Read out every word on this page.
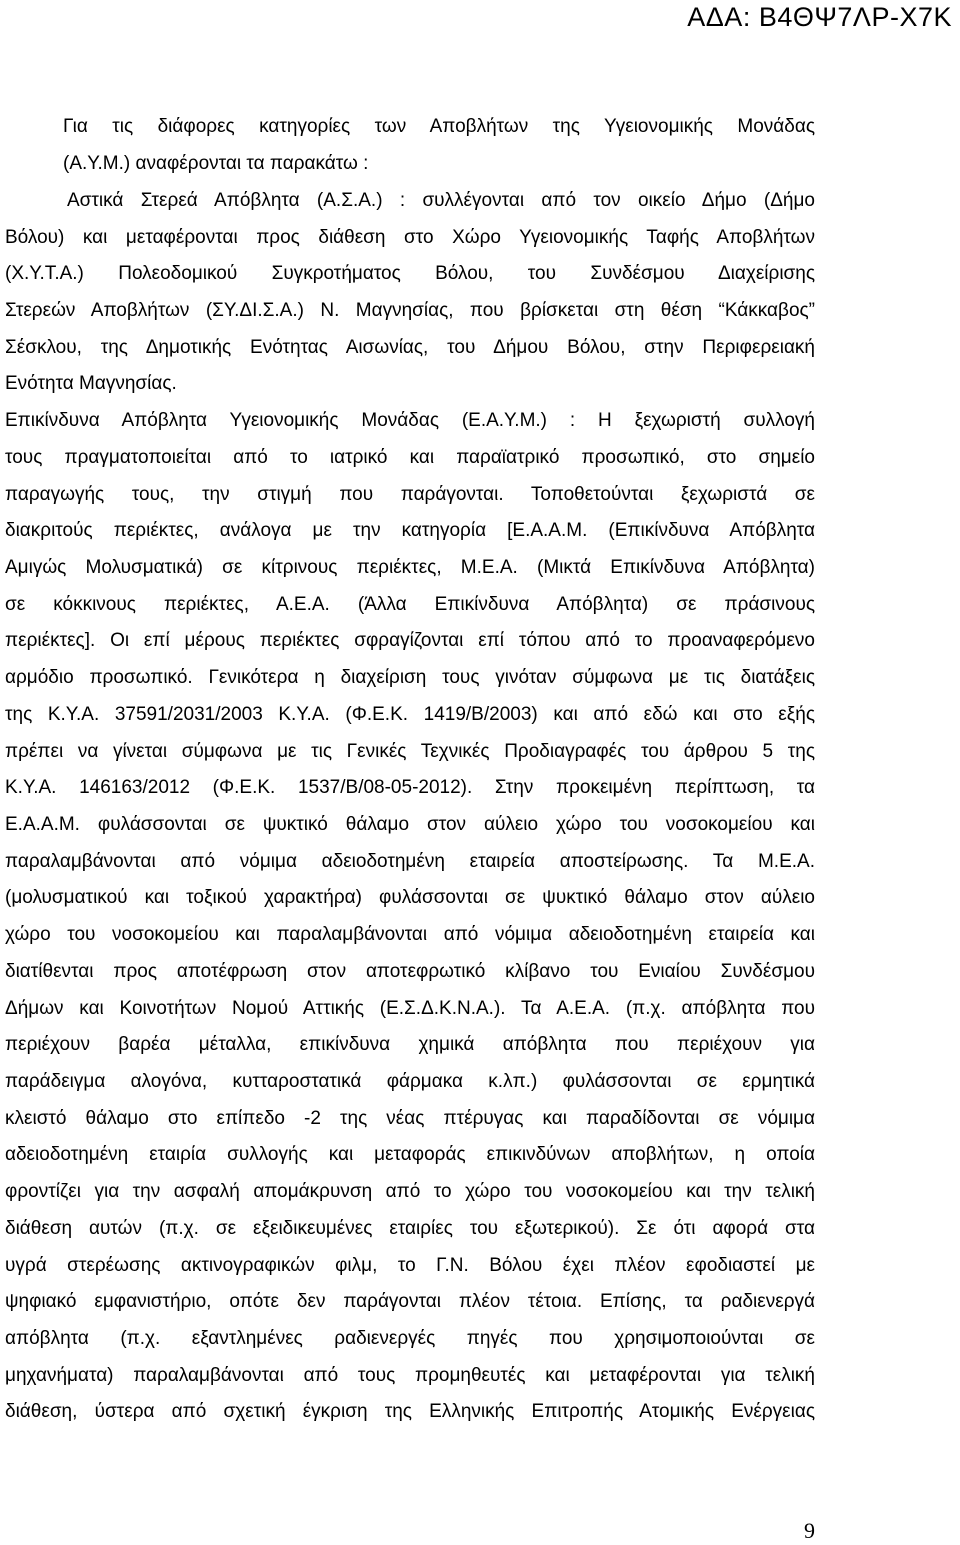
ΑΔΑ: Β4ΘΨ7ΛΡ-Χ7Κ

Για τις διάφορες κατηγορίες των Αποβλήτων της Υγειονομικής Μονάδας

(Α.Υ.Μ.) αναφέρονται τα παρακάτω :

Αστικά Στερεά Απόβλητα (Α.Σ.Α.) : συλλέγονται από τον οικείο Δήμο (Δήμο

Βόλου) και μεταφέρονται προς διάθεση στο Χώρο Υγειονομικής Ταφής Αποβλήτων

(Χ.Υ.Τ.Α.) Πολεοδομικού Συγκροτήματος Βόλου, του Συνδέσμου Διαχείρισης

Στερεών Αποβλήτων (ΣΥ.ΔΙ.Σ.Α.) Ν. Μαγνησίας, που βρίσκεται στη θέση “Κάκκαβος”

Σέσκλου, της Δημοτικής Ενότητας Αισωνίας, του Δήμου Βόλου, στην Περιφερειακή

Ενότητα Μαγνησίας.

Επικίνδυνα Απόβλητα Υγειονομικής Μονάδας (Ε.Α.Υ.Μ.) : Η ξεχωριστή συλλογή

τους πραγματοποιείται από το ιατρικό και παραϊατρικό προσωπικό, στο σημείο

παραγωγής τους, την στιγμή που παράγονται. Τοποθετούνται ξεχωριστά σε

διακριτούς περιέκτες, ανάλογα με την κατηγορία [Ε.Α.Α.Μ. (Επικίνδυνα Απόβλητα

Αμιγώς Μολυσματικά) σε κίτρινους περιέκτες, Μ.Ε.Α. (Μικτά Επικίνδυνα Απόβλητα)

σε κόκκινους περιέκτες, Α.Ε.Α. (Άλλα Επικίνδυνα Απόβλητα) σε πράσινους

περιέκτες]. Οι επί μέρους περιέκτες σφραγίζονται επί τόπου από το προαναφερόμενο

αρμόδιο προσωπικό. Γενικότερα η διαχείριση τους γινόταν σύμφωνα με τις διατάξεις

της Κ.Υ.Α. 37591/2031/2003 Κ.Υ.Α. (Φ.Ε.Κ. 1419/Β/2003) και από εδώ και στο εξής

πρέπει να γίνεται σύμφωνα με τις Γενικές Τεχνικές Προδιαγραφές του άρθρου 5 της

Κ.Υ.Α. 146163/2012 (Φ.Ε.Κ. 1537/Β/08-05-2012). Στην προκειμένη περίπτωση, τα

Ε.Α.Α.Μ. φυλάσσονται σε ψυκτικό θάλαμο στον αύλειο χώρο του νοσοκομείου και

παραλαμβάνονται από νόμιμα αδειοδοτημένη εταιρεία αποστείρωσης. Τα Μ.Ε.Α.

(μολυσματικού και τοξικού χαρακτήρα) φυλάσσονται σε ψυκτικό θάλαμο στον αύλειο

χώρο του νοσοκομείου και παραλαμβάνονται από νόμιμα αδειοδοτημένη εταιρεία και

διατίθενται προς αποτέφρωση στον αποτεφρωτικό κλίβανο του Ενιαίου Συνδέσμου

Δήμων και Κοινοτήτων Νομού Αττικής (Ε.Σ.Δ.Κ.Ν.Α.). Τα Α.Ε.Α. (π.χ. απόβλητα που

περιέχουν βαρέα μέταλλα, επικίνδυνα χημικά απόβλητα που περιέχουν για

παράδειγμα αλογόνα, κυτταροστατικά φάρμακα κ.λπ.) φυλάσσονται σε ερμητικά

κλειστό θάλαμο στο επίπεδο -2 της νέας πτέρυγας και παραδίδονται σε νόμιμα

αδειοδοτημένη εταιρία συλλογής και μεταφοράς επικινδύνων αποβλήτων, η οποία

φροντίζει για την ασφαλή απομάκρυνση από το χώρο του νοσοκομείου και την τελική

διάθεση αυτών (π.χ. σε εξειδικευμένες εταιρίες του εξωτερικού). Σε ότι αφορά στα

υγρά στερέωσης ακτινογραφικών φιλμ, το Γ.Ν. Βόλου έχει πλέον εφοδιαστεί με

ψηφιακό εμφανιστήριο, οπότε δεν παράγονται πλέον τέτοια. Επίσης, τα ραδιενεργά

απόβλητα (π.χ. εξαντλημένες ραδιενεργές πηγές που χρησιμοποιούνται σε

μηχανήματα) παραλαμβάνονται από τους προμηθευτές και μεταφέρονται για τελική

διάθεση, ύστερα από σχετική έγκριση της Ελληνικής Επιτροπής Ατομικής Ενέργειας

9
